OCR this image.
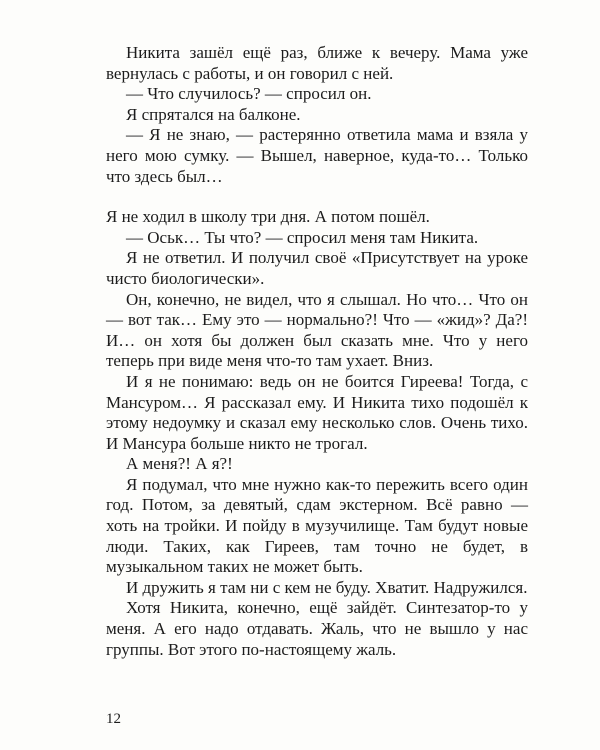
Никита зашёл ещё раз, ближе к вечеру. Мама уже вернулась с работы, и он говорил с ней.

— Что случилось? — спросил он.

Я спрятался на балконе.

— Я не знаю, — растерянно ответила мама и взяла у него мою сумку. — Вышел, наверное, куда-то… Только что здесь был…

Я не ходил в школу три дня. А потом пошёл.

— Оськ… Ты что? — спросил меня там Никита.

Я не ответил. И получил своё «Присутствует на уроке чисто биологически».

Он, конечно, не видел, что я слышал. Но что… Что он — вот так… Ему это — нормально?! Что — «жид»? Да?! И… он хотя бы должен был сказать мне. Что у него теперь при виде меня что-то там ухает. Вниз.

И я не понимаю: ведь он не боится Гиреева! Тогда, с Мансуром… Я рассказал ему. И Никита тихо подошёл к этому недоумку и сказал ему несколько слов. Очень тихо. И Мансура больше никто не трогал.

А меня?! А я?!

Я подумал, что мне нужно как-то пережить всего один год. Потом, за девятый, сдам экстерном. Всё равно — хоть на тройки. И пойду в музучилище. Там будут новые люди. Таких, как Гиреев, там точно не будет, в музыкальном таких не может быть.

И дружить я там ни с кем не буду. Хватит. Надружился.

Хотя Никита, конечно, ещё зайдёт. Синтезатор-то у меня. А его надо отдавать. Жаль, что не вышло у нас группы. Вот этого по-настоящему жаль.

12
